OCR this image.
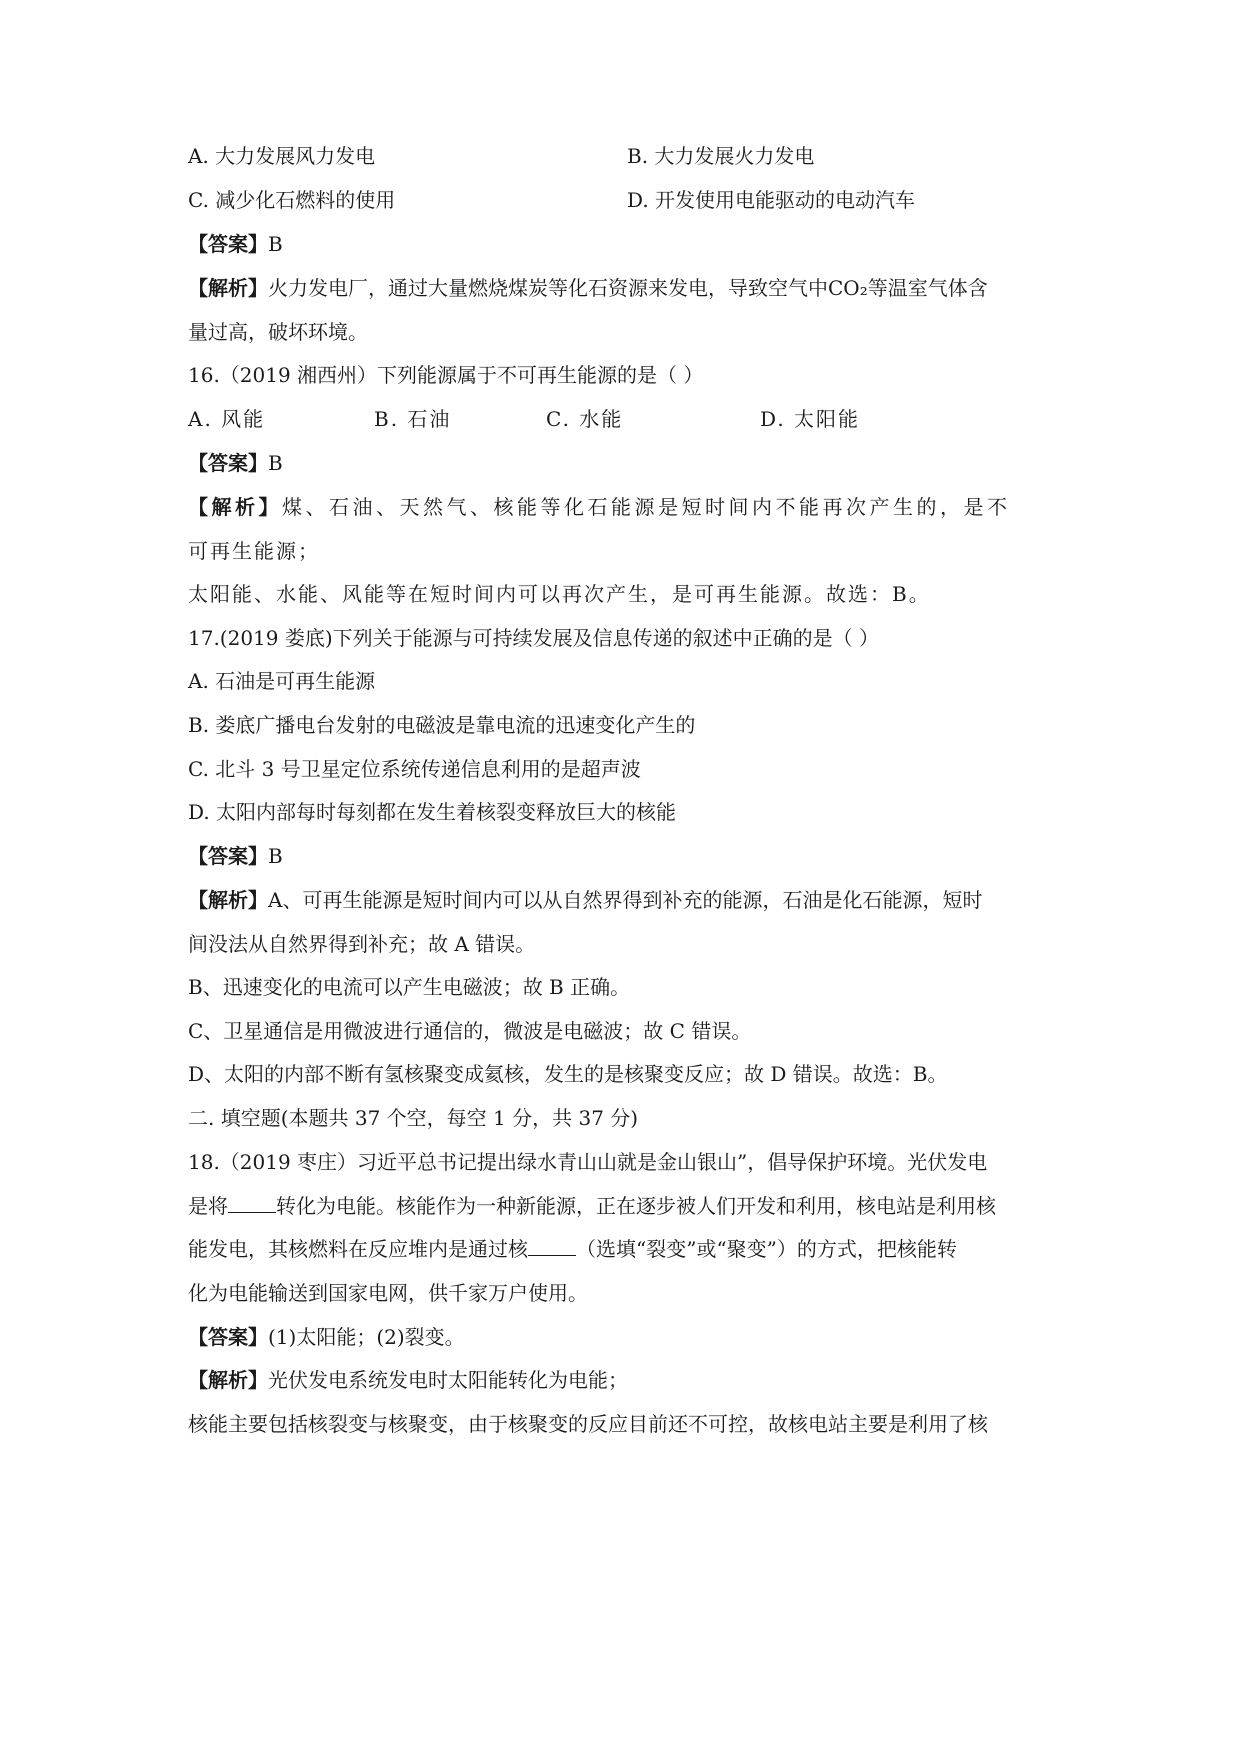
A. 大力发展风力发电	B. 大力发展火力发电
C. 减少化石燃料的使用	D. 开发使用电能驱动的电动汽车
【答案】B
【解析】火力发电厂，通过大量燃烧煤炭等化石资源来发电，导致空气中CO₂等温室气体含
量过高，破坏环境。
16.（2019 湘西州）下列能源属于不可再生能源的是（ ）
A. 风能	B. 石油	C. 水能	D. 太阳能
【答案】B
【解析】煤、石油、天然气、核能等化石能源是短时间内不能再次产生的，是不
可再生能源；
太阳能、水能、风能等在短时间内可以再次产生，是可再生能源。故选：B。
17.(2019 娄底)下列关于能源与可持续发展及信息传递的叙述中正确的是（ ）
A. 石油是可再生能源
B. 娄底广播电台发射的电磁波是靠电流的迅速变化产生的
C. 北斗 3 号卫星定位系统传递信息利用的是超声波
D. 太阳内部每时每刻都在发生着核裂变释放巨大的核能
【答案】B
【解析】A、可再生能源是短时间内可以从自然界得到补充的能源，石油是化石能源，短时
间没法从自然界得到补充；故 A 错误。
B、迅速变化的电流可以产生电磁波；故 B 正确。
C、卫星通信是用微波进行通信的，微波是电磁波；故 C 错误。
D、太阳的内部不断有氢核聚变成氦核，发生的是核聚变反应；故 D 错误。故选：B。
二. 填空题(本题共 37 个空，每空 1 分，共 37 分)
18.（2019 枣庄）习近平总书记提出绿水青山山就是金山银山”，倡导保护环境。光伏发电
是将 转化为电能。核能作为一种新能源，正在逐步被人们开发和利用，核电站是利用核
能发电，其核燃料在反应堆内是通过核 （选填“裂变”或“聚变”）的方式，把核能转
化为电能输送到国家电网，供千家万户使用。
【答案】(1)太阳能；(2)裂变。
【解析】光伏发电系统发电时太阳能转化为电能；
核能主要包括核裂变与核聚变，由于核聚变的反应目前还不可控，故核电站主要是利用了核
